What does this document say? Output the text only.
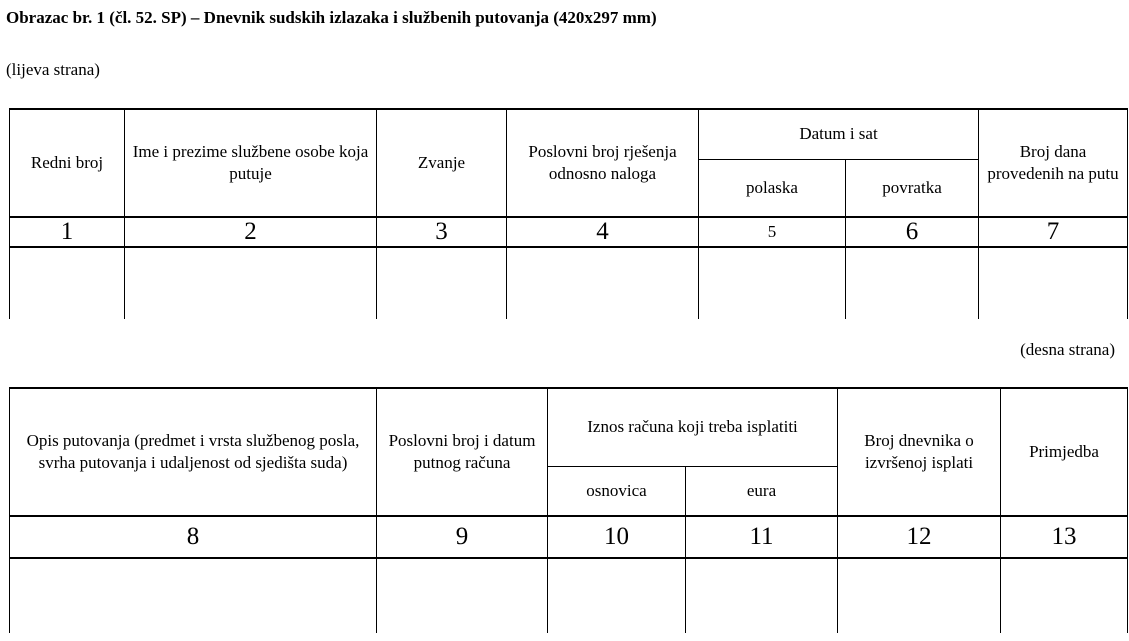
Obrazac br. 1 (čl. 52. SP) – Dnevnik sudskih izlazaka i službenih putovanja (420x297 mm)
(lijeva strana)
Redni broj	Ime i prezime službene osobe koja putuje	Zvanje	Poslovni broj rješenja odnosno naloga	Datum i sat		Broj dana provedenih na putu
				polaska	povratka	
1	2	3	4	5	6	7

(desna strana)
Opis putovanja (predmet i vrsta službenog posla, svrha putovanja i udaljenost od sjedišta suda)	Poslovni broj i datum putnog računa	Iznos računa koji treba isplatiti		Broj dnevnika o izvršenoj isplati	Primjedba
		osnovica	eura		
8	9	10	11	12	13
